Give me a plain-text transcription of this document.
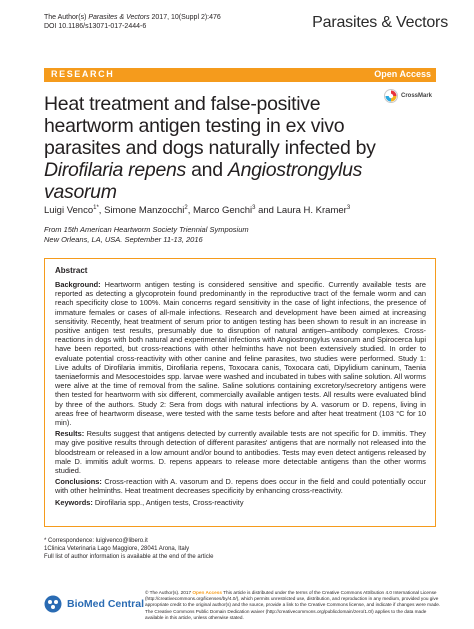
The Author(s) Parasites & Vectors 2017, 10(Suppl 2):476
DOI 10.1186/s13071-017-2444-6	Parasites & Vectors
RESEARCH	Open Access
CrossMark
Heat treatment and false-positive
heartworm antigen testing in ex vivo
parasites and dogs naturally infected by
Dirofilaria repens and Angiostrongylus
vasorum
Luigi Venco$^{1*}$, Simone Manzocchi$^2$, Marco Genchi$^3$ and Laura H. Kramer$^3$
From 15th American Heartworm Society Triennial Symposium
New Orleans, LA, USA. September 11-13, 2016
Abstract

Background: Heartworm antigen testing is considered sensitive and specific. Currently available tests are reported as detecting a glycoprotein found predominantly in the reproductive tract of the female worm and can reach specificity close to 100%. Main concerns regard sensitivity in the case of light infections, the presence of immature females or cases of all-male infections. Research and development have been aimed at increasing sensitivity. Recently, heat treatment of serum prior to antigen testing has been shown to result in an increase in positive antigen test results, presumably due to disruption of natural antigen–antibody complexes. Cross-reactions in dogs with both natural and experimental infections with Angiostrongylus vasorum and Spirocerca lupi have been reported, but cross-reactions with other helminths have not been extensively studied. In order to evaluate potential cross-reactivity with other canine and feline parasites, two studies were performed. Study 1: Live adults of Dirofilaria immitis, Dirofilaria repens, Toxocara canis, Toxocara cati, Dipylidium caninum, Taenia taeniaeformis and Mesocestoides spp. larvae were washed and incubated in tubes with saline solution. All worms were alive at the time of removal from the saline. Saline solutions containing excretory/secretory antigens were then tested for heartworm with six different, commercially available antigen tests. All results were evaluated blind by three of the authors. Study 2: Sera from dogs with natural infections by A. vasorum or D. repens, living in areas free of heartworm disease, were tested with the same tests before and after heat treatment (103 °C for 10 min).

Results: Results suggest that antigens detected by currently available tests are not specific for D. immitis. They may give positive results through detection of different parasites' antigens that are normally not released into the bloodstream or released in a low amount and/or bound to antibodies. Tests may even detect antigens released by male D. immitis adult worms. D. repens appears to release more detectable antigens than the other worms studied.

Conclusions: Cross-reaction with A. vasorum and D. repens does occur in the field and could potentially occur with other helminths. Heat treatment decreases specificity by enhancing cross-reactivity.

Keywords: Dirofilaria spp., Antigen tests, Cross-reactivity

* Correspondence: luigivenco@libero.it
1Clinica Veterinaria Lago Maggiore, 28041 Arona, Italy
Full list of author information is available at the end of the article
BioMed Central
© The Author(s). 2017 Open Access This article is distributed under the terms of the Creative Commons Attribution 4.0 International License (http://creativecommons.org/licenses/by/4.0/), which permits unrestricted use, distribution, and reproduction in any medium, provided you give appropriate credit to the original author(s) and the source, provide a link to the Creative Commons license, and indicate if changes were made. The Creative Commons Public Domain Dedication waiver (http://creativecommons.org/publicdomain/zero/1.0/) applies to the data made available in this article, unless otherwise stated.
